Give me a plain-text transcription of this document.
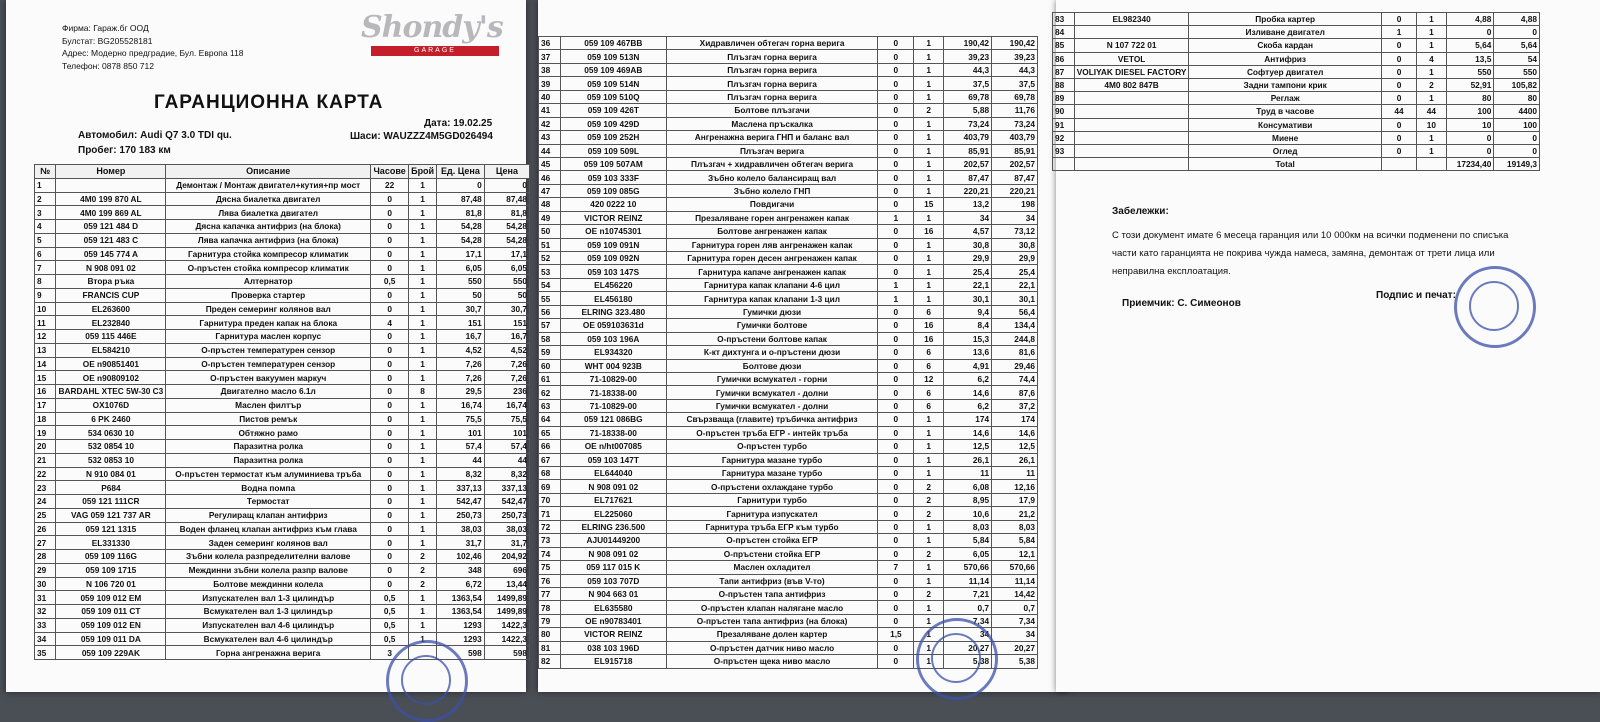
Фирма: Гараж.бг ООД
Булстат: BG205528181
Адрес: Модерно предградие, Бул. Европа 118
Телефон: 0878 850 712
Shondy's
GARAGE
ГАРАНЦИОННА КАРТА
Дата: 19.02.25
Автомобил: Audi Q7 3.0 TDI qu.	Шаси: WAUZZZ4M5GD026494
Пробег: 170 183 км
№	Номер	Описание	Часове	Брой	Ед. Цена	Цена
1		Демонтаж / Монтаж двигател+кутия+пр мост	22	1	0	0
2	4M0 199 870 AL	Дясна биалетка двигател	0	1	87,48	87,48
3	4M0 199 869 AL	Лява биалетка двигател	0	1	81,8	81,8
4	059 121 484 D	Дясна капачка антифриз (на блока)	0	1	54,28	54,28
5	059 121 483 C	Лява капачка антифриз (на блока)	0	1	54,28	54,28
6	059 145 774 A	Гарнитура стойка компресор климатик	0	1	17,1	17,1
7	N 908 091 02	О-пръстен стойка компресор климатик	0	1	6,05	6,05
8	Втора ръка	Алтернатор	0,5	1	550	550
9	FRANCIS CUP	Проверка стартер	0	1	50	50
10	EL263600	Преден семеринг колянов вал	0	1	30,7	30,7
11	EL232840	Гарнитура преден капак на блока	4	1	151	151
12	059 115 446E	Гарнитура маслен корпус	0	1	16,7	16,7
13	EL584210	О-пръстен температурен сензор	0	1	4,52	4,52
14	OE n90851401	О-пръстен температурен сензор	0	1	7,26	7,26
15	OE n90809102	О-пръстен вакуумен маркуч	0	1	7,26	7,26
16	BARDAHL XTEC 5W-30 C3	Двигателно масло 6.1л	0	8	29,5	236
17	OX1076D	Маслен филтър	0	1	16,74	16,74
18	6 PK 2460	Пистов ремък	0	1	75,5	75,5
19	534 0630 10	Обтяжно рамо	0	1	101	101
20	532 0854 10	Паразитна ролка	0	1	57,4	57,4
21	532 0853 10	Паразитна ролка	0	1	44	44
22	N 910 084 01	О-пръстен термостат към алуминиева тръба	0	1	8,32	8,32
23	P684	Водна помпа	0	1	337,13	337,13
24	059 121 111CR	Термостат	0	1	542,47	542,47
25	VAG 059 121 737 AR	Регулиращ клапан антифриз	0	1	250,73	250,73
26	059 121 1315	Воден фланец клапан антифриз към глава	0	1	38,03	38,03
27	EL331330	Заден семеринг колянов вал	0	1	31,7	31,7
28	059 109 116G	Зъбни колела разпределителни валове	0	2	102,46	204,92
29	059 109 1715	Междинни зъбни колела разпр валове	0	2	348	696
30	N 106 720 01	Болтове междинни колела	0	2	6,72	13,44
31	059 109 012 EM	Изпускателен вал 1-3 цилиндър	0,5	1	1363,54	1499,89
32	059 109 011 CT	Всмукателен вал 1-3 цилиндър	0,5	1	1363,54	1499,89
33	059 109 012 EN	Изпускателен вал 4-6 цилиндър	0,5	1	1293	1422,3
34	059 109 011 DA	Всмукателен вал 4-6 цилиндър	0,5	1	1293	1422,3
35	059 109 229AK	Горна ангренажна верига	3		598	598
36	059 109 467BB	Хидравличен обтегач горна верига	0	1	190,42	190,42
37	059 109 513N	Плъзгач горна верига	0	1	39,23	39,23
38	059 109 469AB	Плъзгач горна верига	0	1	44,3	44,3
39	059 109 514N	Плъзгач горна верига	0	1	37,5	37,5
40	059 109 510Q	Плъзгач горна верига	0	1	69,78	69,78
41	059 109 426T	Болтове плъзгачи	0	2	5,88	11,76
42	059 109 429D	Маслена пръскалка	0	1	73,24	73,24
43	059 109 252H	Ангренажна верига ГНП и баланс вал	0	1	403,79	403,79
44	059 109 509L	Плъзгач верига	0	1	85,91	85,91
45	059 109 507AM	Плъзгач + хидравличен обтегач верига	0	1	202,57	202,57
46	059 103 333F	Зъбно колело балансиращ вал	0	1	87,47	87,47
47	059 109 085G	Зъбно колело ГНП	0	1	220,21	220,21
48	420 0222 10	Повдигачи	0	15	13,2	198
49	VICTOR REINZ	Презаляване горен ангренажен капак	1	1	34	34
50	OE n10745301	Болтове ангренажен капак	0	16	4,57	73,12
51	059 109 091N	Гарнитура горен ляв ангренажен капак	0	1	30,8	30,8
52	059 109 092N	Гарнитура горен десен ангренажен капак	0	1	29,9	29,9
53	059 103 147S	Гарнитура капаче ангренажен капак	0	1	25,4	25,4
54	EL456220	Гарнитура капак клапани 4-6 цил	1	1	22,1	22,1
55	EL456180	Гарнитура капак клапани 1-3 цил	1	1	30,1	30,1
56	ELRING 323.480	Гумички дюзи	0	6	9,4	56,4
57	OE 059103631d	Гумички болтове	0	16	8,4	134,4
58	059 103 196A	О-пръстени болтове капак	0	16	15,3	244,8
59	EL934320	К-кт дихтунга и о-пръстени дюзи	0	6	13,6	81,6
60	WHT 004 923B	Болтове дюзи	0	6	4,91	29,46
61	71-10829-00	Гумички всмукател - горни	0	12	6,2	74,4
62	71-18338-00	Гумички всмукател - долни	0	6	14,6	87,6
63	71-10829-00	Гумички всмукател - долни	0	6	6,2	37,2
64	059 121 086BG	Свързваща (главите) тръбичка антифриз	0	1	174	174
65	71-18338-00	О-пръстен тръба ЕГР - интейк тръба	0	1	14,6	14,6
66	OE n/ht007085	О-пръстен турбо	0	1	12,5	12,5
67	059 103 147T	Гарнитура мазане турбо	0	1	26,1	26,1
68	EL644040	Гарнитура мазане турбо	0	1	11	11
69	N 908 091 02	О-пръстени охлаждане турбо	0	2	6,08	12,16
70	EL717621	Гарнитури турбо	0	2	8,95	17,9
71	EL225060	Гарнитура изпускател	0	2	10,6	21,2
72	ELRING 236.500	Гарнитура тръба ЕГР към турбо	0	1	8,03	8,03
73	AJU01449200	О-пръстен стойка ЕГР	0	1	5,84	5,84
74	N 908 091 02	О-пръстени стойка ЕГР	0	2	6,05	12,1
75	059 117 015 K	Маслен охладител	7	1	570,66	570,66
76	059 103 707D	Тапи антифриз (във V-то)	0	1	11,14	11,14
77	N 904 663 01	О-пръстен тапа антифриз	0	2	7,21	14,42
78	EL635580	О-пръстен клапан налягане масло	0	1	0,7	0,7
79	OE n90783401	О-пръстен тапа антифриз (на блока)	0	1	7,34	7,34
80	VICTOR REINZ	Презаляване долен картер	1,5	1	34	34
81	038 103 196D	О-пръстен датчик ниво масло	0	1	20,27	20,27
82	EL915718	О-пръстен щека ниво масло	0	1	5,38	5,38
83	EL982340	Пробка картер	0	1	4,88	4,88
84		Изливане двигател	1	1	0	0
85	N 107 722 01	Скоба кардан	0	1	5,64	5,64
86	VETOL	Антифриз	0	4	13,5	54
87	VOLIYAK DIESEL FACTORY	Софтуер двигател	0	1	550	550
88	4M0 802 847B	Задни тампони крик	0	2	52,91	105,82
89		Реглаж	0	1	80	80
90		Труд в часове	44	44	100	4400
91		Консумативи	0	10	10	100
92		Миене	0	1	0	0
93		Оглед	0	1	0	0
		Total			17234,40	19149,3
Забележки:

С този документ имате 6 месеца гаранция или 10 000км на всички подменени по списъка

части като гаранцията не покрива чужда намеса, замяна, демонтаж от трети лица или

неправилна експлоатация.

Приемчик: С. Симеонов
Подпис и печат:
